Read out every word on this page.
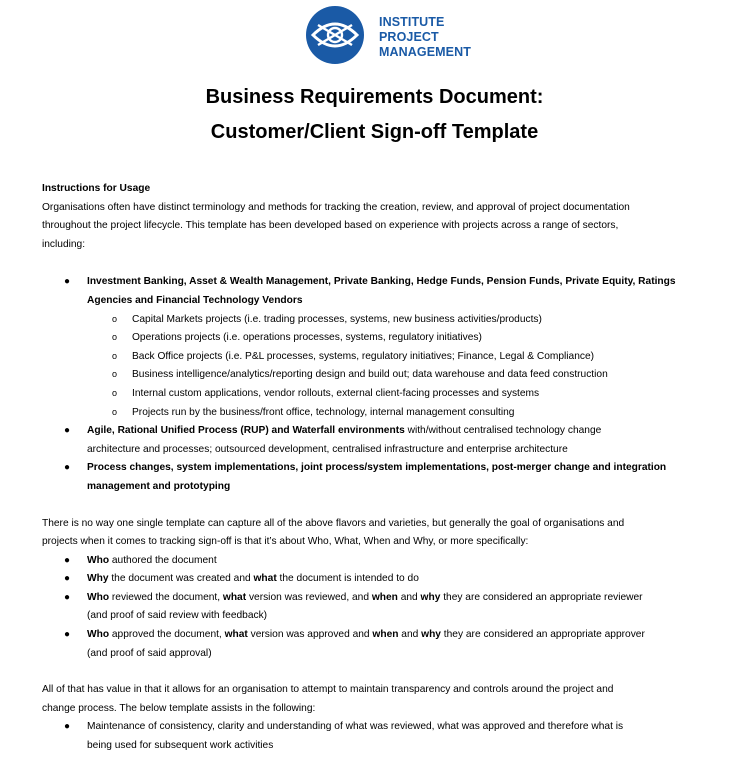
INSTITUTE
PROJECT
MANAGEMENT
Business Requirements Document:
Customer/Client Sign-off Template

Instructions for Usage

Organisations often have distinct terminology and methods for tracking the creation, review, and approval of project documentation

throughout the project lifecycle. This template has been developed based on experience with projects across a range of sectors,

including:

● Investment Banking, Asset & Wealth Management, Private Banking, Hedge Funds, Pension Funds, Private Equity, Ratings
Agencies and Financial Technology Vendors
o Capital Markets projects (i.e. trading processes, systems, new business activities/products)
o Operations projects (i.e. operations processes, systems, regulatory initiatives)
o Back Office projects (i.e. P&L processes, systems, regulatory initiatives; Finance, Legal & Compliance)
o Business intelligence/analytics/reporting design and build out; data warehouse and data feed construction
o Internal custom applications, vendor rollouts, external client-facing processes and systems
o Projects run by the business/front office, technology, internal management consulting
● Agile, Rational Unified Process (RUP) and Waterfall environments with/without centralised technology change
architecture and processes; outsourced development, centralised infrastructure and enterprise architecture
● Process changes, system implementations, joint process/system implementations, post-merger change and integration
management and prototyping

There is no way one single template can capture all of the above flavors and varieties, but generally the goal of organisations and

projects when it comes to tracking sign-off is that it’s about Who, What, When and Why, or more specifically:

● Who authored the document
● Why the document was created and what the document is intended to do
● Who reviewed the document, what version was reviewed, and when and why they are considered an appropriate reviewer
(and proof of said review with feedback)
● Who approved the document, what version was approved and when and why they are considered an appropriate approver
(and proof of said approval)

All of that has value in that it allows for an organisation to attempt to maintain transparency and controls around the project and

change process. The below template assists in the following:

● Maintenance of consistency, clarity and understanding of what was reviewed, what was approved and therefore what is
being used for subsequent work activities
